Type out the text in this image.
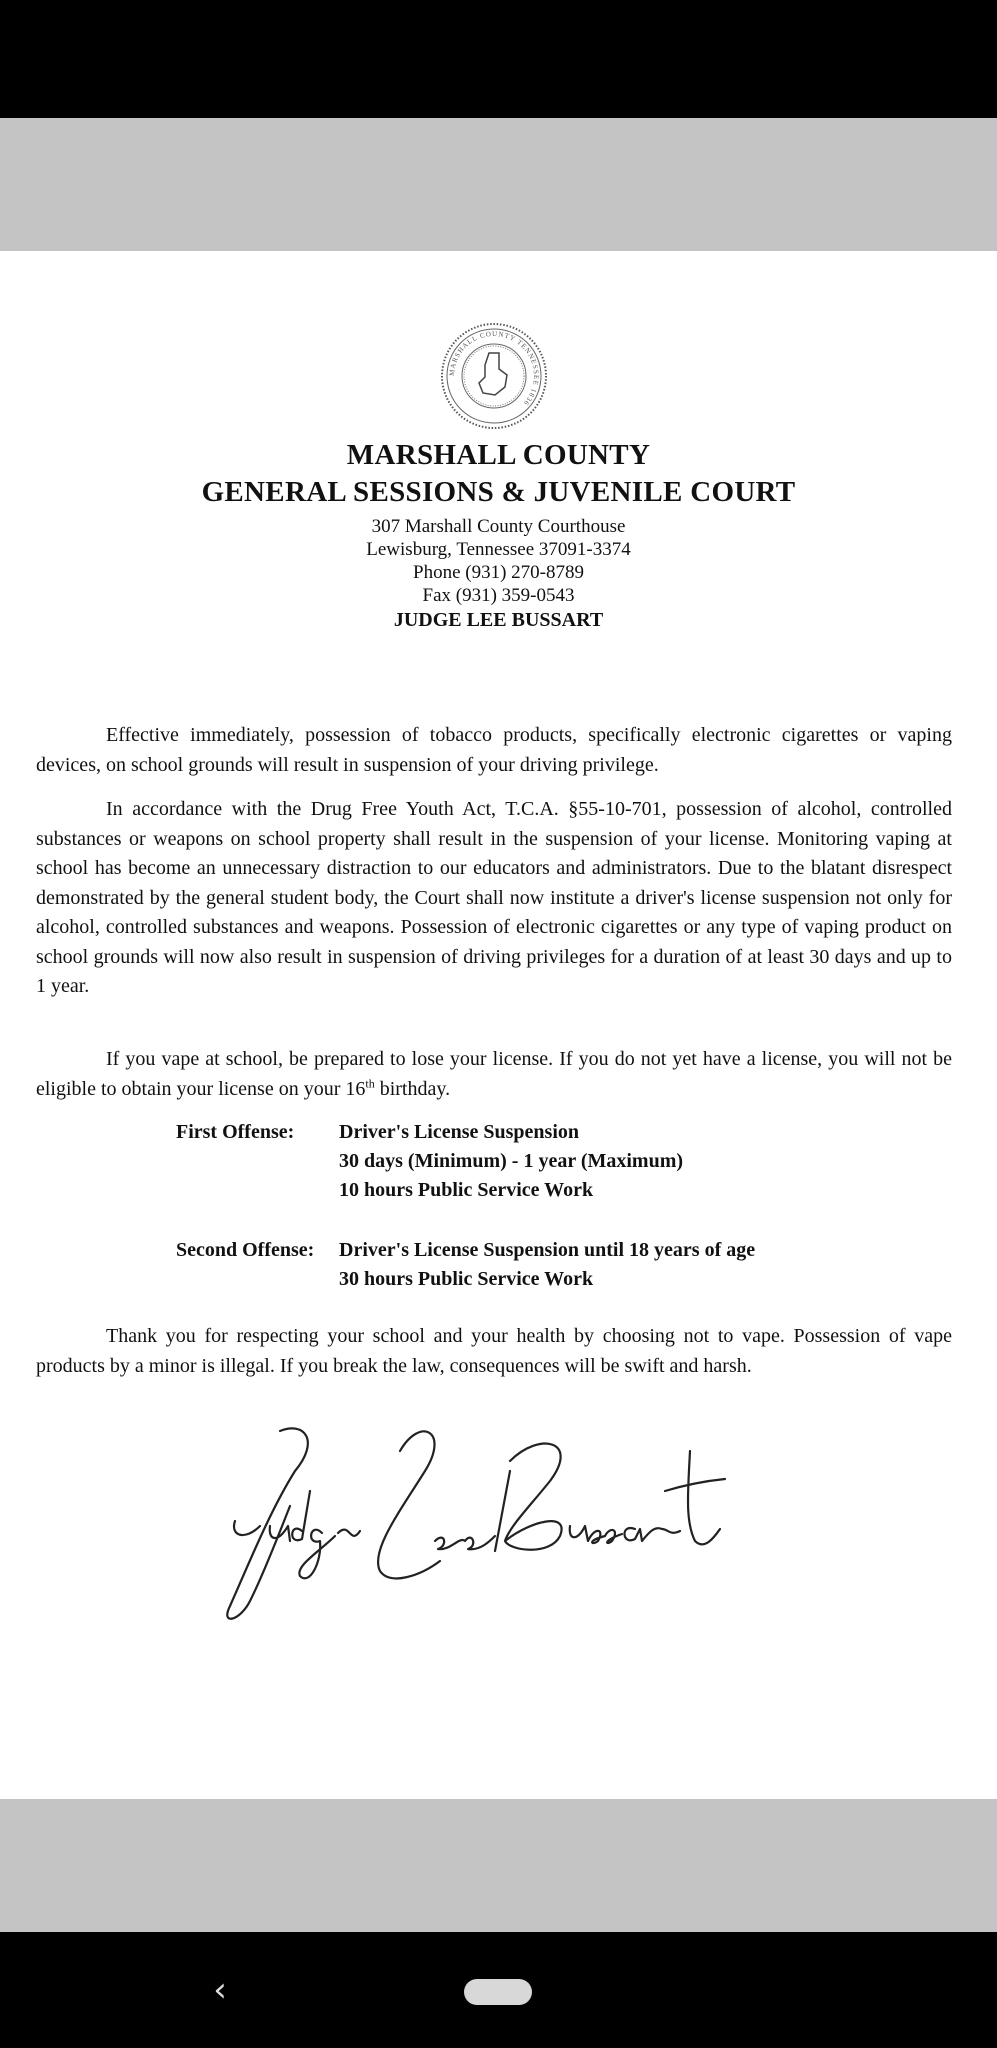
MARSHALL COUNTY TENNESSEE 1836
MARSHALL COUNTY
GENERAL SESSIONS & JUVENILE COURT
307 Marshall County Courthouse
Lewisburg, Tennessee 37091-3374
Phone (931) 270-8789
Fax (931) 359-0543
JUDGE LEE BUSSART

Effective immediately, possession of tobacco products, specifically electronic cigarettes or vaping devices, on school grounds will result in suspension of your driving privilege.

In accordance with the Drug Free Youth Act, T.C.A. §55-10-701, possession of alcohol, controlled substances or weapons on school property shall result in the suspension of your license. Monitoring vaping at school has become an unnecessary distraction to our educators and administrators. Due to the blatant disrespect demonstrated by the general student body, the Court shall now institute a driver's license suspension not only for alcohol, controlled substances and weapons. Possession of electronic cigarettes or any type of vaping product on school grounds will now also result in suspension of driving privileges for a duration of at least 30 days and up to 1 year.

If you vape at school, be prepared to lose your license. If you do not yet have a license, you will not be eligible to obtain your license on your 16th birthday.

First Offense: Driver's License Suspension
30 days (Minimum) - 1 year (Maximum)
10 hours Public Service Work
Second Offense: Driver's License Suspension until 18 years of age
30 hours Public Service Work

Thank you for respecting your school and your health by choosing not to vape. Possession of vape products by a minor is illegal. If you break the law, consequences will be swift and harsh.

‹
